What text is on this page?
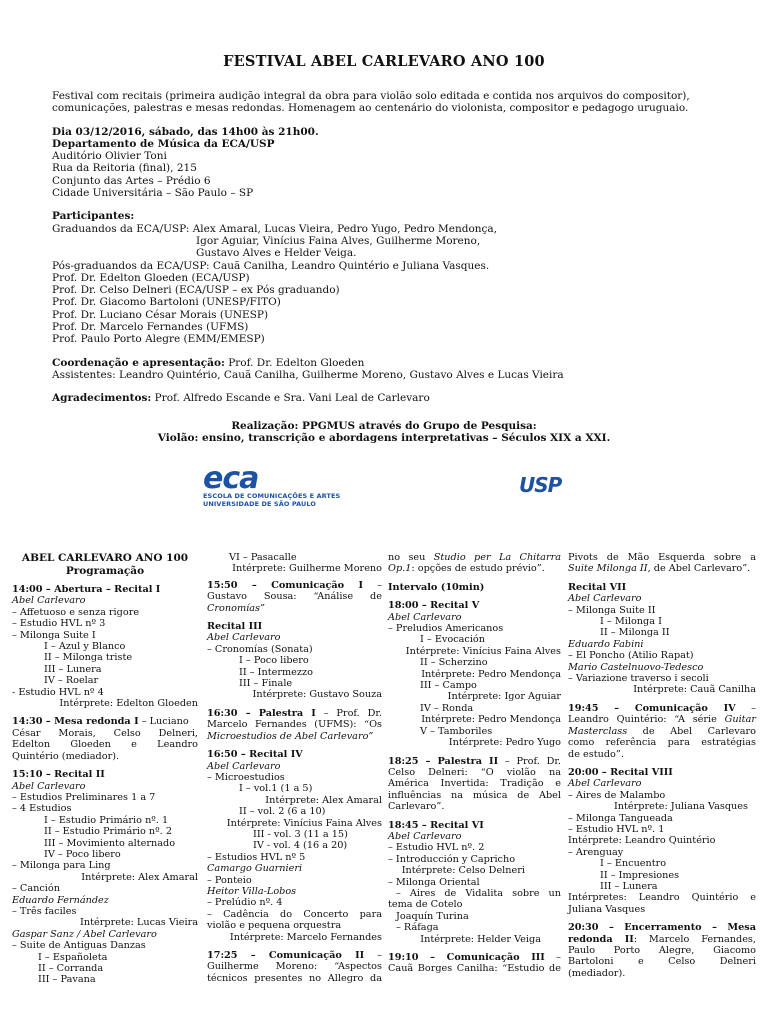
FESTIVAL ABEL CARLEVARO ANO 100

Festival com recitais (primeira audição integral da obra para violão solo editada e contida nos arquivos do compositor),
comunicações, palestras e mesas redondas. Homenagem ao centenário do violonista, compositor e pedagogo uruguaio.

Dia 03/12/2016, sábado, das 14h00 às 21h00.

Departamento de Música da ECA/USP

Auditório Olivier Toni

Rua da Reitoria (final), 215

Conjunto das Artes – Prédio 6

Cidade Universitária – São Paulo – SP

Participantes:

Graduandos da ECA/USP: Alex Amaral, Lucas Vieira, Pedro Yugo, Pedro Mendonça,

Igor Aguiar, Vinícius Faina Alves, Guilherme Moreno,

Gustavo Alves e Helder Veiga.

Pós-graduandos da ECA/USP: Cauã Canilha, Leandro Quintério e Juliana Vasques.

Prof. Dr. Edelton Gloeden (ECA/USP)

Prof. Dr. Celso Delneri (ECA/USP – ex Pós graduando)

Prof. Dr. Giacomo Bartoloni (UNESP/FITO)

Prof. Dr. Luciano César Morais (UNESP)

Prof. Dr. Marcelo Fernandes (UFMS)

Prof. Paulo Porto Alegre (EMM/EMESP)

Coordenação e apresentação: Prof. Dr. Edelton Gloeden

Assistentes: Leandro Quintério, Cauã Canilha, Guilherme Moreno, Gustavo Alves e Lucas Vieira

Agradecimentos: Prof. Alfredo Escande e Sra. Vani Leal de Carlevaro

Realização: PPGMUS através do Grupo de Pesquisa:
Violão: ensino, transcrição e abordagens interpretativas – Séculos XIX a XXI.
eca
ESCOLA DE COMUNICAÇÕES E ARTES
UNIVERSIDADE DE SÃO PAULO
USP
ABEL CARLEVARO ANO 100
Programação
14:00 – Abertura – Recital I
Abel Carlevaro
– Affetuoso e senza rigore
– Estudio HVL nº 3
– Milonga Suite I
I – Azul y Blanco
II – Milonga triste
III – Lunera
IV – Roelar
- Estudio HVL nº 4
Intérprete: Edelton Gloeden
14:30 – Mesa redonda I – Luciano
César Morais, Celso Delneri,
Edelton Gloeden e Leandro
Quintério (mediador).
15:10 – Recital II
Abel Carlevaro
– Estudios Preliminares 1 a 7
– 4 Estudios
I – Estudio Primário nº. 1
II – Estudio Primário nº. 2
III – Movimiento alternado
IV – Poco libero
– Milonga para Ling
Intérprete: Alex Amaral
– Canción
Eduardo Fernández
– Três faciles
Intérprete: Lucas Vieira
Gaspar Sanz / Abel Carlevaro
– Suite de Antiguas Danzas
I – Españoleta
II – Corranda
III – Pavana
VI – Pasacalle
Intérprete: Guilherme Moreno
15:50 – Comunicação I –
Gustavo Sousa: “Análise de
Cronomías”
Recital III
Abel Carlevaro
– Cronomías (Sonata)
I – Poco libero
II – Intermezzo
III – Finale
Intérprete: Gustavo Souza
16:30 – Palestra I – Prof. Dr.
Marcelo Fernandes (UFMS): “Os
Microestudios de Abel Carlevaro”
16:50 – Recital IV
Abel Carlevaro
– Microestudios
I – vol.1 (1 a 5)
Intérprete: Alex Amaral
II – vol. 2 (6 a 10)
Intérprete: Vinícius Faina Alves
III - vol. 3 (11 a 15)
IV - vol. 4 (16 a 20)
– Estudios HVL nº 5
Camargo Guarnieri
– Ponteio
Heitor Villa-Lobos
– Prelúdio nº. 4
– Cadência do Concerto para
violão e pequena orquestra
Intérprete: Marcelo Fernandes
17:25 – Comunicação II –
Guilherme Moreno: “Aspectos
técnicos presentes no Allegro da
no seu Studio per La Chitarra
Op.1: opções de estudo prévio”.
Intervalo (10min)
18:00 – Recital V
Abel Carlevaro
– Preludios Americanos
I – Evocación
Intérprete: Vinícius Faina Alves
II – Scherzino
Intérprete: Pedro Mendonça
III – Campo
Intérprete: Igor Aguiar
IV – Ronda
Intérprete: Pedro Mendonça
V – Tamboriles
Intérprete: Pedro Yugo
18:25 – Palestra II – Prof. Dr.
Celso Delneri: “O violão na
América Invertida: Tradição e
influências na música de Abel
Carlevaro”.
18:45 – Recital VI
Abel Carlevaro
– Estudio HVL nº. 2
– Introducción y Capricho
Intérprete: Celso Delneri
– Milonga Oriental
– Aires de Vidalita sobre un
tema de Cotelo
Joaquín Turina
– Ráfaga
Intérprete: Helder Veiga
19:10 – Comunicação III –
Cauã Borges Canilha: “Estudio de
Pivots de Mão Esquerda sobre a
Suite Milonga II, de Abel Carlevaro”.
Recital VII
Abel Carlevaro
– Milonga Suite II
I – Milonga I
II – Milonga II
Eduardo Fabini
– El Poncho (Atilio Rapat)
Mario Castelnuovo-Tedesco
– Variazione traverso i secoli
Intérprete: Cauã Canilha
19:45 – Comunicação IV –
Leandro Quintério: “A série Guitar
Masterclass de Abel Carlevaro
como referência para estratégias
de estudo”.
20:00 – Recital VIII
Abel Carlevaro
– Aires de Malambo
Intérprete: Juliana Vasques
– Milonga Tangueada
– Estudio HVL nº. 1
Intérprete: Leandro Quintério
– Arenguay
I – Encuentro
II – Impresiones
III – Lunera
Intérpretes: Leandro Quintério e
Juliana Vasques
20:30 – Encerramento – Mesa
redonda II: Marcelo Fernandes,
Paulo Porto Alegre, Giacomo
Bartoloni e Celso Delneri
(mediador).
